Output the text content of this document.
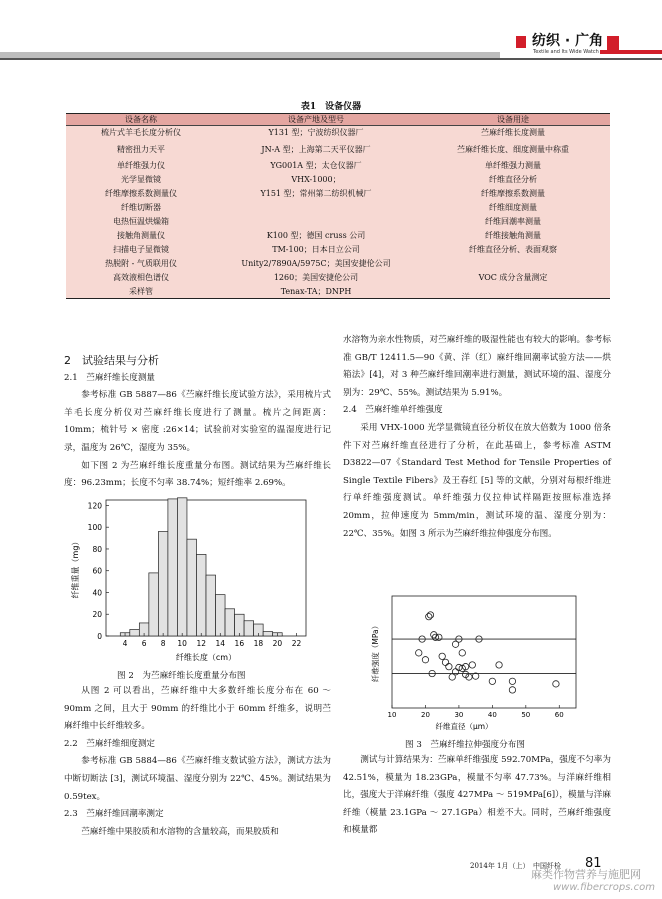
纺织 · 广角
Textile and Its Wide Watch
表1　设备仪器
设备名称	设备产地及型号	设备用途
梳片式羊毛长度分析仪	Y131 型；宁波纺织仪器厂	苎麻纤维长度测量
精密扭力天平	JN-A 型；上海第二天平仪器厂	苎麻纤维长度、细度测量中称重
单纤维强力仪	YG001A 型；太仓仪器厂	单纤维强力测量
光学显微镜	VHX-1000；	纤维直径分析
纤维摩擦系数测量仪	Y151 型；常州第二纺织机械厂	纤维摩擦系数测量
纤维切断器		纤维细度测量
电热恒温烘燥箱		纤维回潮率测量
接触角测量仪	K100 型；德国 cruss 公司	纤维接触角测量
扫描电子显微镜	TM-100；日本日立公司	纤维直径分析、表面观察
热脱附 - 气质联用仪	Unity2/7890A/5975C；美国安捷伦公司	
高效液相色谱仪	1260；美国安捷伦公司	VOC 成分含量测定
采样管	Tenax-TA；DNPH	
2　试验结果与分析
2.1　苎麻纤维长度测量

参考标准 GB 5887—86《苎麻纤维长度试验方法》，采用梳片式羊毛长度分析仪对苎麻纤维长度进行了测量。梳片之间距离：10mm；梳针号 × 密度 :26×14；试验前对实验室的温湿度进行记录，温度为 26℃，湿度为 35%。

如下图 2 为苎麻纤维长度重量分布图。测试结果为苎麻纤维长度：96.23mm；长度不匀率 38.74%；短纤维率 2.69%。

0
20
40
60
80
100
120
4 6 8 10 12 14 16 18 20 22
纤维长度（cm）
纤维重量（mg）
图 2　为苎麻纤维长度重量分布图

从图 2 可以看出，苎麻纤维中大多数纤维长度分布在 60 ～ 90mm 之间，且大于 90mm 的纤维比小于 60mm 纤维多，说明苎麻纤维中长纤维较多。

2.2　苎麻纤维细度测定

参考标准 GB 5884—86《苎麻纤维支数试验方法》，测试方法为中断切断法 [3]，测试环境温、湿度分别为 22℃、45%。测试结果为 0.59tex。

2.3　苎麻纤维回潮率测定

苎麻纤维中果胶质和水溶物的含量较高，而果胶质和

水溶物为亲水性物质，对苎麻纤维的吸湿性能也有较大的影响。参考标准 GB/T 12411.5—90《黄、洋（红）麻纤维回潮率试验方法——烘箱法》[4]，对 3 种苎麻纤维回潮率进行测量，测试环境的温、湿度分别为：29℃、55%。测试结果为 5.91%。

2.4　苎麻纤维单纤维强度

采用 VHX-1000 光学显微镜直径分析仪在放大倍数为 1000 倍条件下对苎麻纤维直径进行了分析，在此基础上，参考标准 ASTM D3822—07《Standard Test Method for Tensile Properties of Single Textile Fibers》及王春红 [5] 等的文献，分别对每根纤维进行单纤维强度测试。单纤维强力仪拉伸试样隔距按照标准选择 20mm，拉伸速度为 5mm/min，测试环境的温、湿度分别为：22℃、35%。如图 3 所示为苎麻纤维拉伸强度分布图。

10	20	30	40	50	60
纤维直径（μm）
纤维强度（MPa）
图 3　苎麻纤维拉伸强度分布图

测试与计算结果为：苎麻单纤维强度 592.70MPa，强度不匀率为 42.51%，模量为 18.23GPa，模量不匀率 47.73%。与洋麻纤维相比，强度大于洋麻纤维（强度 427MPa ～ 519MPa[6]），模量与洋麻纤维（模量 23.1GPa ～ 27.1GPa）相差不大。同时，苎麻纤维强度和模量都

2014年 1月（上）　中国纤检 81
麻类作物营养与施肥网
www.fibercrops.com
